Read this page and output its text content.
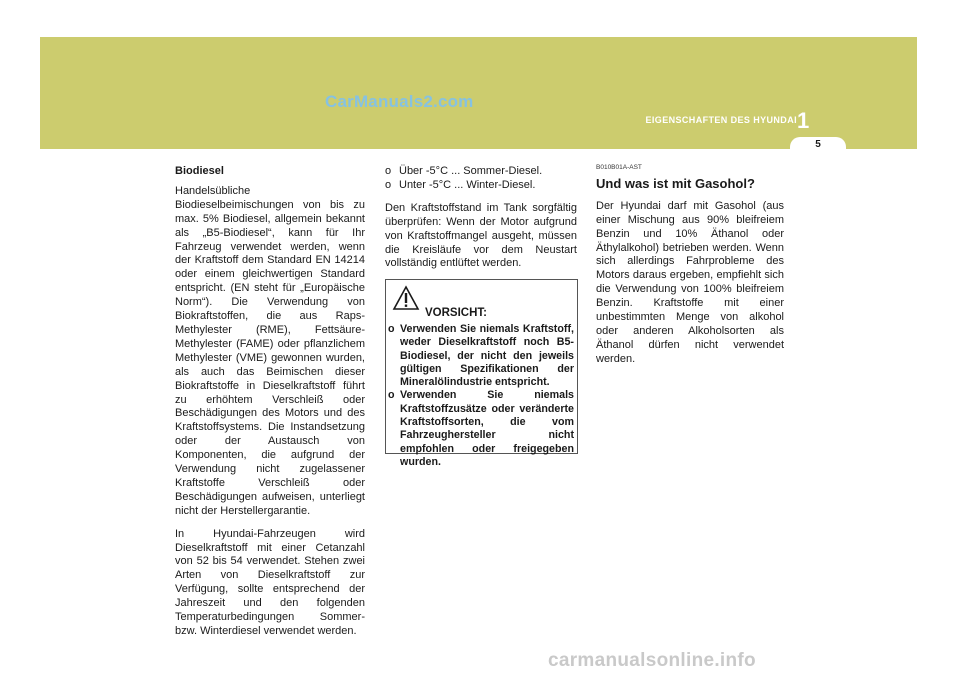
5
CarManuals2.com
EIGENSCHAFTEN DES HYUNDAI 1

Biodiesel

Handelsübliche Biodieselbeimischungen von bis zu max. 5% Biodiesel, allgemein bekannt als „B5-Biodiesel“, kann für Ihr Fahrzeug verwendet werden, wenn der Kraftstoff dem Standard EN 14214 oder einem gleichwertigen Standard entspricht. (EN steht für „Europäische Norm“). Die Verwendung von Biokraftstoffen, die aus Raps-Methylester (RME), Fettsäure-Methylester (FAME) oder pflanzlichem Methylester (VME) gewonnen wurden, als auch das Beimischen dieser Biokraftstoffe in Dieselkraftstoff führt zu erhöhtem Verschleiß oder Beschädigungen des Motors und des Kraftstoffsystems. Die Instandsetzung oder der Austausch von Komponenten, die aufgrund der Verwendung nicht zugelassener Kraftstoffe Verschleiß oder Beschädigungen aufweisen, unterliegt nicht der Herstellergarantie.

In Hyundai-Fahrzeugen wird Dieselkraftstoff mit einer Cetanzahl von 52 bis 54 verwendet. Stehen zwei Arten von Dieselkraftstoff zur Verfügung, sollte entsprechend der Jahreszeit und den folgenden Temperaturbedingungen Sommer- bzw. Winterdiesel verwendet werden.

o Über -5°C ... Sommer-Diesel.
o Unter -5°C ... Winter-Diesel.

Den Kraftstoffstand im Tank sorgfältig überprüfen: Wenn der Motor aufgrund von Kraftstoffmangel ausgeht, müssen die Kreisläufe vor dem Neustart vollständig entlüftet werden.

VORSICHT:
o Verwenden Sie niemals Kraftstoff, weder Dieselkraftstoff noch B5-Biodiesel, der nicht den jeweils gültigen Spezifikationen der Mineralölindustrie entspricht.
o Verwenden Sie niemals Kraftstoffzusätze oder veränderte Kraftstoffsorten, die vom Fahrzeughersteller nicht empfohlen oder freigegeben wurden.
B010B01A-AST

Und was ist mit Gasohol?

Der Hyundai darf mit Gasohol (aus einer Mischung aus 90% bleifreiem Benzin und 10% Äthanol oder Äthylalkohol) betrieben werden. Wenn sich allerdings Fahrprobleme des Motors daraus ergeben, empfiehlt sich die Verwendung von 100% bleifreiem Benzin. Kraftstoffe mit einer unbestimmten Menge von alkohol oder anderen Alkoholsorten als Äthanol dürfen nicht verwendet werden.

carmanualsonline.info
